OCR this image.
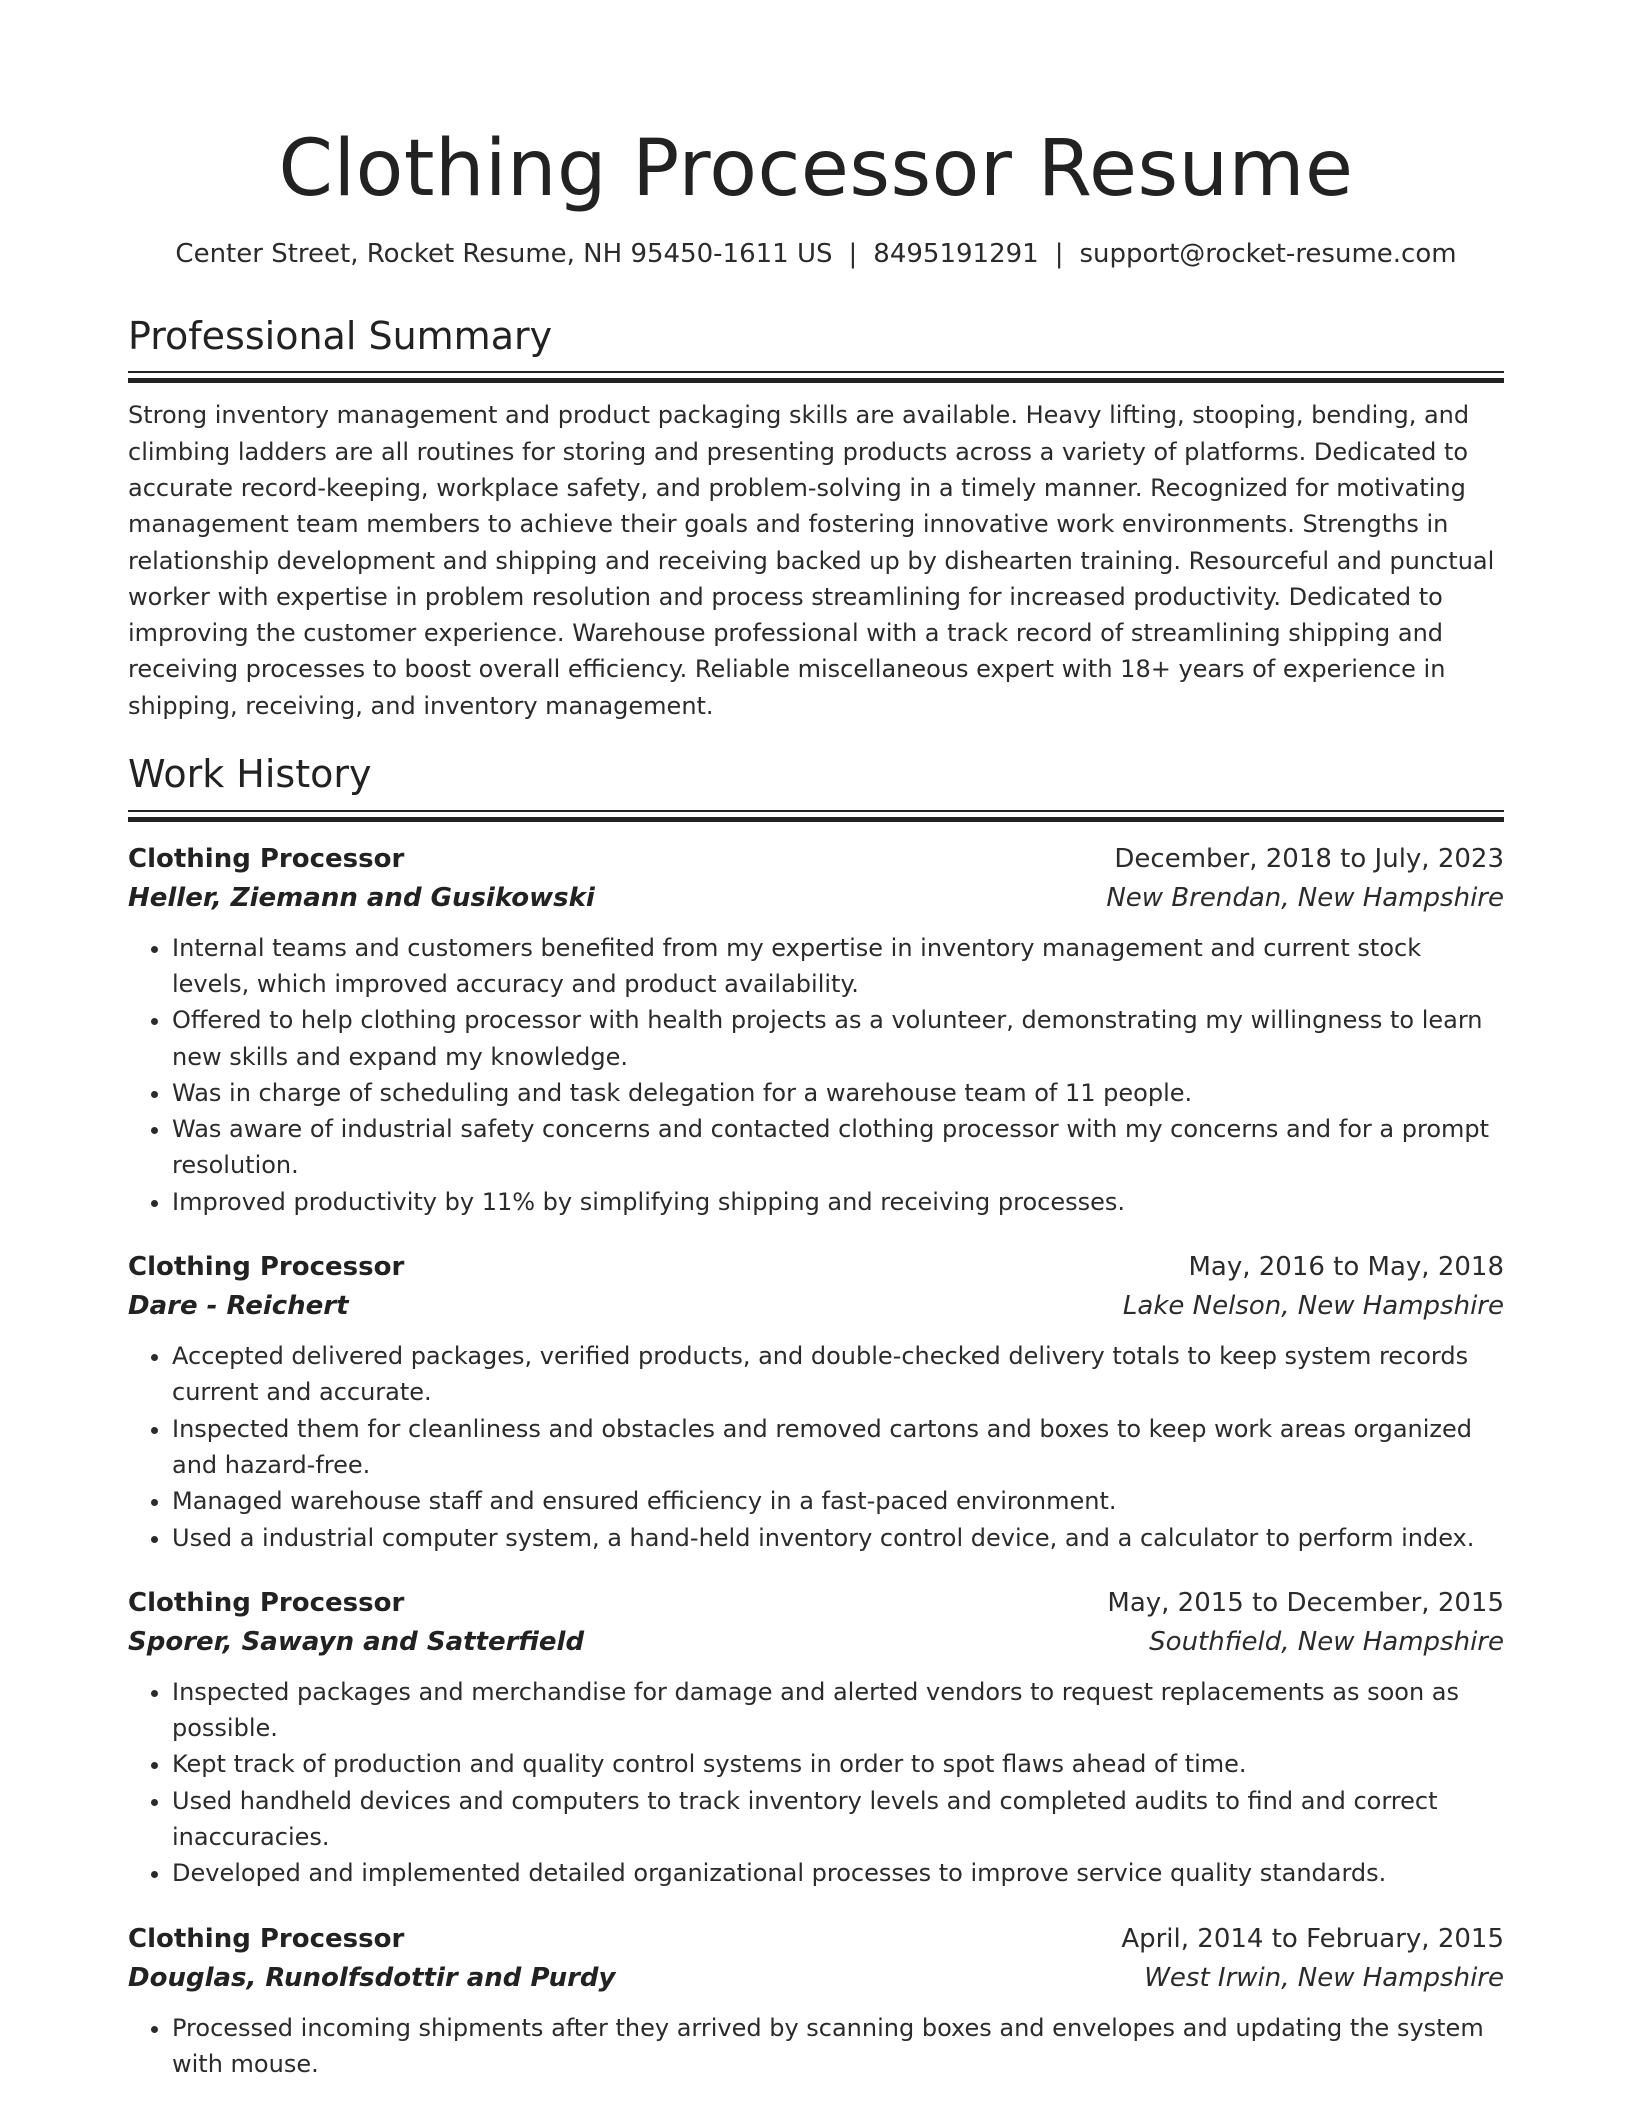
Clothing Processor Resume
Center Street, Rocket Resume, NH 95450-1611 US | 8495191291 | support@rocket-resume.com
Professional Summary

Strong inventory management and product packaging skills are available. Heavy lifting, stooping, bending, and climbing ladders are all routines for storing and presenting products across a variety of platforms. Dedicated to accurate record-keeping, workplace safety, and problem-solving in a timely manner. Recognized for motivating management team members to achieve their goals and fostering innovative work environments. Strengths in relationship development and shipping and receiving backed up by dishearten training. Resourceful and punctual worker with expertise in problem resolution and process streamlining for increased productivity. Dedicated to improving the customer experience. Warehouse professional with a track record of streamlining shipping and receiving processes to boost overall efficiency. Reliable miscellaneous expert with 18+ years of experience in shipping, receiving, and inventory management.

Work History
Clothing Processor	December, 2018 to July, 2023
Heller, Ziemann and Gusikowski	New Brendan, New Hampshire
• Internal teams and customers benefited from my expertise in inventory management and current stock levels, which improved accuracy and product availability.
• Offered to help clothing processor with health projects as a volunteer, demonstrating my willingness to learn new skills and expand my knowledge.
• Was in charge of scheduling and task delegation for a warehouse team of 11 people.
• Was aware of industrial safety concerns and contacted clothing processor with my concerns and for a prompt resolution.
• Improved productivity by 11% by simplifying shipping and receiving processes.
Clothing Processor	May, 2016 to May, 2018
Dare - Reichert	Lake Nelson, New Hampshire
• Accepted delivered packages, verified products, and double-checked delivery totals to keep system records current and accurate.
• Inspected them for cleanliness and obstacles and removed cartons and boxes to keep work areas organized and hazard-free.
• Managed warehouse staff and ensured efficiency in a fast-paced environment.
• Used a industrial computer system, a hand-held inventory control device, and a calculator to perform index.
Clothing Processor	May, 2015 to December, 2015
Sporer, Sawayn and Satterfield	Southfield, New Hampshire
• Inspected packages and merchandise for damage and alerted vendors to request replacements as soon as possible.
• Kept track of production and quality control systems in order to spot flaws ahead of time.
• Used handheld devices and computers to track inventory levels and completed audits to find and correct inaccuracies.
• Developed and implemented detailed organizational processes to improve service quality standards.
Clothing Processor	April, 2014 to February, 2015
Douglas, Runolfsdottir and Purdy	West Irwin, New Hampshire
• Processed incoming shipments after they arrived by scanning boxes and envelopes and updating the system with mouse.
